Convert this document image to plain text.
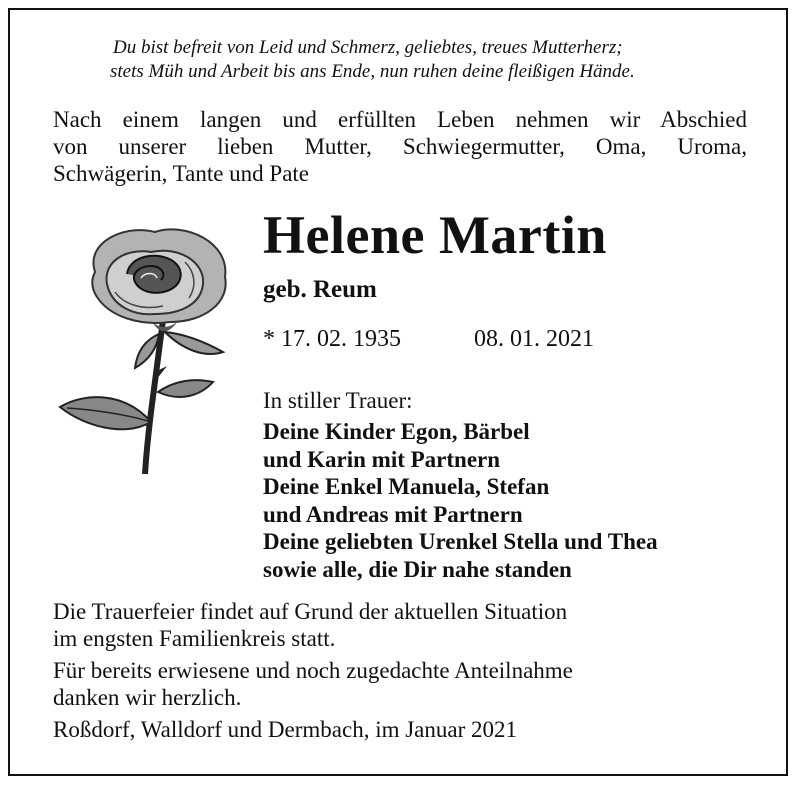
Du bist befreit von Leid und Schmerz, geliebtes, treues Mutterherz;
stets Müh und Arbeit bis ans Ende, nun ruhen deine fleißigen Hände.
Nach einem langen und erfüllten Leben nehmen wir Abschied
von unserer lieben Mutter, Schwiegermutter, Oma, Uroma,
Schwägerin, Tante und Pate
Helene Martin
geb. Reum
* 17. 02. 1935	08. 01. 2021
In stiller Trauer:
Deine Kinder Egon, Bärbel
und Karin mit Partnern
Deine Enkel Manuela, Stefan
und Andreas mit Partnern
Deine geliebten Urenkel Stella und Thea
sowie alle, die Dir nahe standen
Die Trauerfeier findet auf Grund der aktuellen Situation
im engsten Familienkreis statt.
Für bereits erwiesene und noch zugedachte Anteilnahme
danken wir herzlich.
Roßdorf, Walldorf und Dermbach, im Januar 2021
